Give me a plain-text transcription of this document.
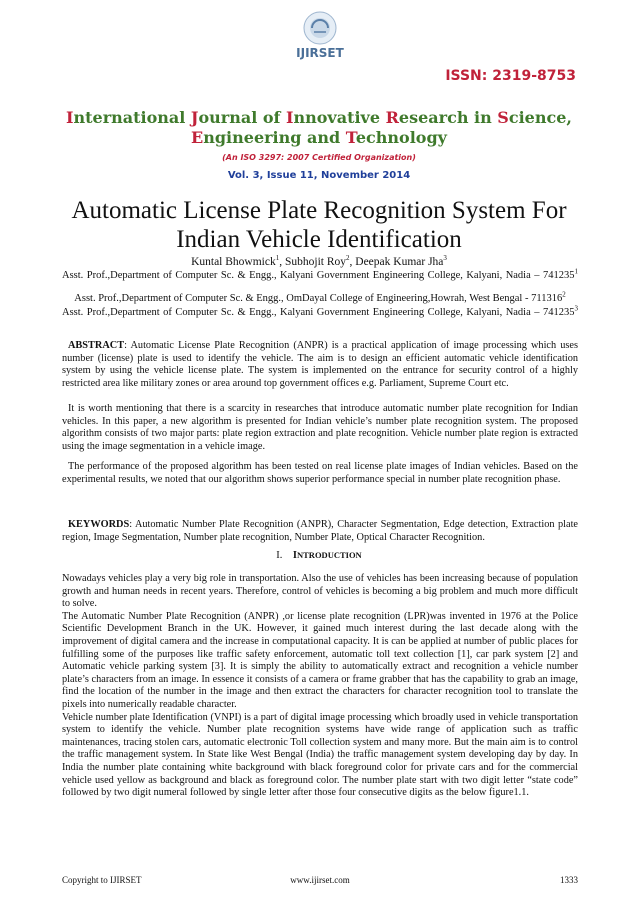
IJIRSET
ISSN: 2319-8753
International Journal of Innovative Research in Science,
Engineering and Technology
(An ISO 3297: 2007 Certified Organization)
Vol. 3, Issue 11, November 2014
Automatic License Plate Recognition System For Indian Vehicle Identification
Kuntal Bhowmick$^1$, Subhojit Roy$^2$, Deepak Kumar Jha$^3$
Asst. Prof.,Department of Computer Sc. & Engg., Kalyani Government Engineering College, Kalyani, Nadia – 741235$^1$
Asst. Prof.,Department of Computer Sc. & Engg., OmDayal College of Engineering,Howrah, West Bengal - 711316$^2$
Asst. Prof.,Department of Computer Sc. & Engg., Kalyani Government Engineering College, Kalyani, Nadia – 741235$^3$
ABSTRACT: Automatic License Plate Recognition (ANPR) is a practical application of image processing which uses number (license) plate is used to identify the vehicle. The aim is to design an efficient automatic vehicle identification system by using the vehicle license plate. The system is implemented on the entrance for security control of a highly restricted area like military zones or area around top government offices e.g. Parliament, Supreme Court etc.
It is worth mentioning that there is a scarcity in researches that introduce automatic number plate recognition for Indian vehicles. In this paper, a new algorithm is presented for Indian vehicle’s number plate recognition system. The proposed algorithm consists of two major parts: plate region extraction and plate recognition. Vehicle number plate region is extracted using the image segmentation in a vehicle image.
The performance of the proposed algorithm has been tested on real license plate images of Indian vehicles. Based on the experimental results, we noted that our algorithm shows superior performance special in number plate recognition phase.
KEYWORDS: Automatic Number Plate Recognition (ANPR), Character Segmentation, Edge detection, Extraction plate region, Image Segmentation, Number plate recognition, Number Plate, Optical Character Recognition.
I. INTRODUCTION
Nowadays vehicles play a very big role in transportation. Also the use of vehicles has been increasing because of population growth and human needs in recent years. Therefore, control of vehicles is becoming a big problem and much more difficult to solve.
The Automatic Number Plate Recognition (ANPR) ,or license plate recognition (LPR)was invented in 1976 at the Police Scientific Development Branch in the UK. However, it gained much interest during the last decade along with the improvement of digital camera and the increase in computational capacity. It is can be applied at number of public places for fulfilling some of the purposes like traffic safety enforcement, automatic toll text collection [1], car park system [2] and Automatic vehicle parking system [3]. It is simply the ability to automatically extract and recognition a vehicle number plate’s characters from an image. In essence it consists of a camera or frame grabber that has the capability to grab an image, find the location of the number in the image and then extract the characters for character recognition tool to translate the pixels into numerically readable character.
Vehicle number plate Identification (VNPI) is a part of digital image processing which broadly used in vehicle transportation system to identify the vehicle. Number plate recognition systems have wide range of application such as traffic maintenances, tracing stolen cars, automatic electronic Toll collection system and many more. But the main aim is to control the traffic management system. In State like West Bengal (India) the traffic management system developing day by day. In India the number plate containing white background with black foreground color for private cars and for the commercial vehicle used yellow as background and black as foreground color. The number plate start with two digit letter “state code” followed by two digit numeral followed by single letter after those four consecutive digits as the below figure1.1.
Copyright to IJIRSET	www.ijirset.com	1333
